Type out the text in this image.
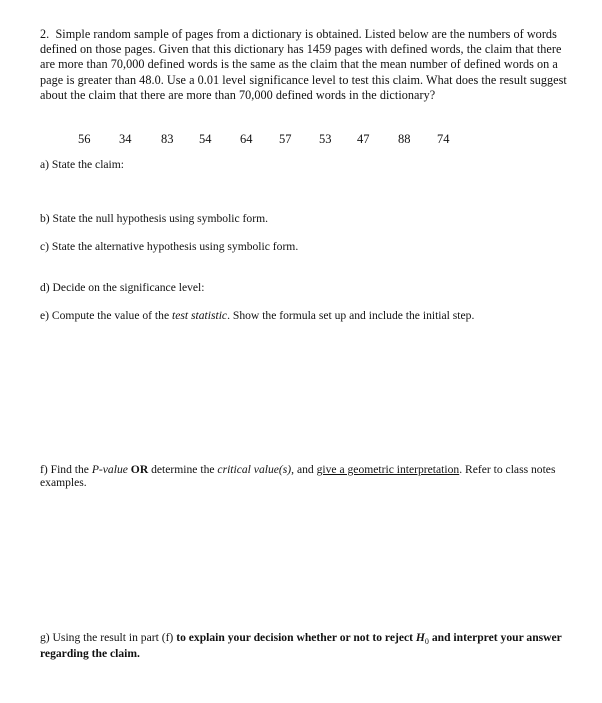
2. Simple random sample of pages from a dictionary is obtained. Listed below are the numbers of words defined on those pages. Given that this dictionary has 1459 pages with defined words, the claim that there are more than 70,000 defined words is the same as the claim that the mean number of defined words on a page is greater than 48.0. Use a 0.01 level significance level to test this claim. What does the result suggest about the claim that there are more than 70,000 defined words in the dictionary?
56 34 83 54 64 57 53 47 88 74
a) State the claim:
b) State the null hypothesis using symbolic form.
c) State the alternative hypothesis using symbolic form.
d) Decide on the significance level:
e) Compute the value of the test statistic. Show the formula set up and include the initial step.
f) Find the P-value OR determine the critical value(s), and give a geometric interpretation. Refer to class notes examples.
g) Using the result in part (f) to explain your decision whether or not to reject $H_0$ and interpret your answer regarding the claim.
